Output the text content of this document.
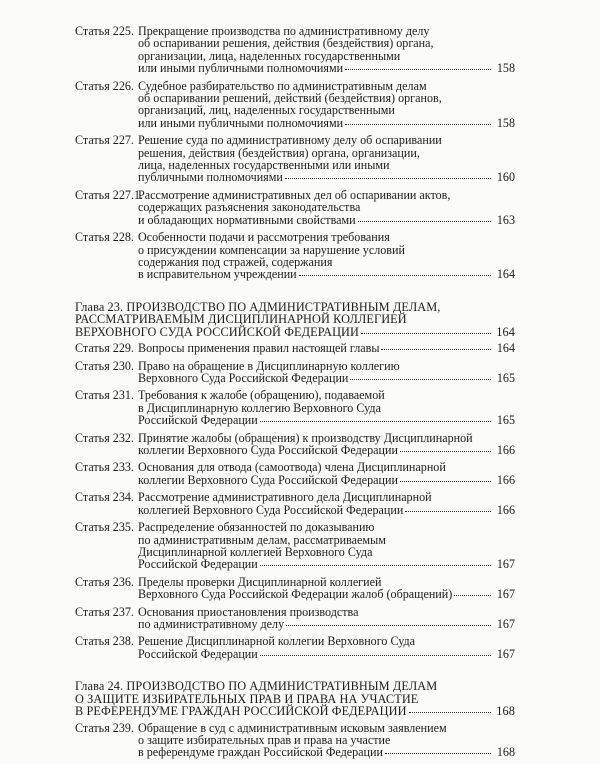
Статья 225. Прекращение производства по административному делу
об оспаривании решения, действия (бездействия) органа,
организации, лица, наделенных государственными
или иными публичными полномочиями	158
Статья 226. Судебное разбирательство по административным делам
об оспаривании решений, действий (бездействия) органов,
организаций, лиц, наделенных государственными
или иными публичными полномочиями	158
Статья 227. Решение суда по административному делу об оспаривании
решения, действия (бездействия) органа, организации,
лица, наделенных государственными или иными
публичными полномочиями	160
Статья 227.1.
Рассмотрение административных дел об оспаривании актов,
содержащих разъяснения законодательства
и обладающих нормативными свойствами	163
Статья 228. Особенности подачи и рассмотрения требования
о присуждении компенсации за нарушение условий
содержания под стражей, содержания
в исправительном учреждении	164
Глава 23. ПРОИЗВОДСТВО ПО АДМИНИСТРАТИВНЫМ ДЕЛАМ,
РАССМАТРИВАЕМЫМ ДИСЦИПЛИНАРНОЙ КОЛЛЕГИЕЙ
ВЕРХОВНОГО СУДА РОССИЙСКОЙ ФЕДЕРАЦИИ	164
Статья 229. Вопросы применения правил настоящей главы	164
Статья 230. Право на обращение в Дисциплинарную коллегию
Верховного Суда Российской Федерации	165
Статья 231. Требования к жалобе (обращению), подаваемой
в Дисциплинарную коллегию Верховного Суда
Российской Федерации	165
Статья 232. Принятие жалобы (обращения) к производству Дисциплинарной
коллегии Верховного Суда Российской Федерации	166
Статья 233. Основания для отвода (самоотвода) члена Дисциплинарной
коллегии Верховного Суда Российской Федерации	166
Статья 234. Рассмотрение административного дела Дисциплинарной
коллегией Верховного Суда Российской Федерации	166
Статья 235. Распределение обязанностей по доказыванию
по административным делам, рассматриваемым
Дисциплинарной коллегией Верховного Суда
Российской Федерации	167
Статья 236. Пределы проверки Дисциплинарной коллегией
Верховного Суда Российской Федерации жалоб (обращений)	167
Статья 237. Основания приостановления производства
по административному делу	167
Статья 238. Решение Дисциплинарной коллегии Верховного Суда
Российской Федерации	167
Глава 24. ПРОИЗВОДСТВО ПО АДМИНИСТРАТИВНЫМ ДЕЛАМ
О ЗАЩИТЕ ИЗБИРАТЕЛЬНЫХ ПРАВ И ПРАВА НА УЧАСТИЕ
В РЕФЕРЕНДУМЕ ГРАЖДАН РОССИЙСКОЙ ФЕДЕРАЦИИ	168
Статья 239. Обращение в суд с административным исковым заявлением
о защите избирательных прав и права на участие
в референдуме граждан Российской Федерации	168
